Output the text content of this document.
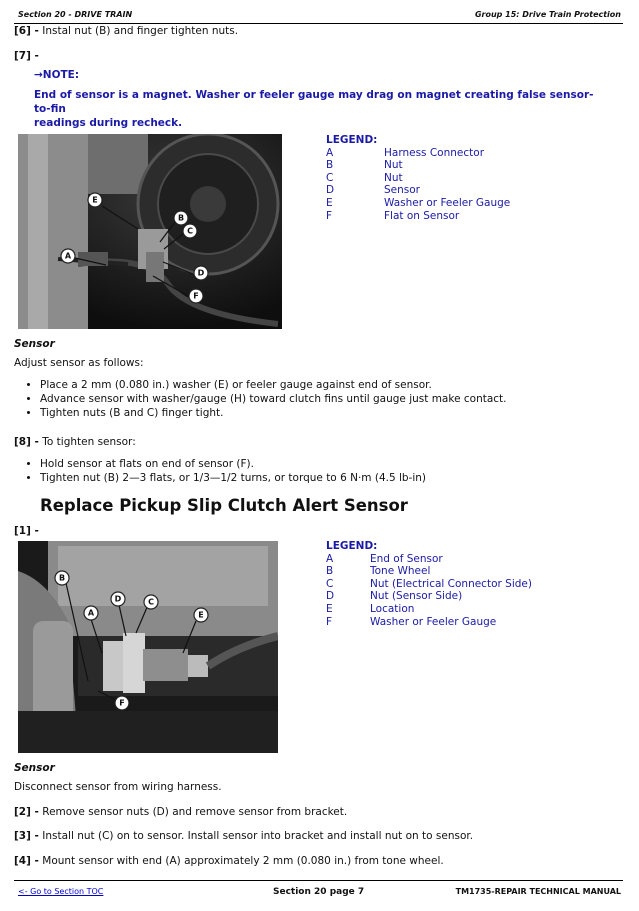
Section 20 - DRIVE TRAIN	Group 15: Drive Train Protection
[6] - Instal nut (B) and finger tighten nuts.
[7] -
→NOTE:
End of sensor is a magnet. Washer or feeler gauge may drag on magnet creating false sensor-to-fin
readings during recheck.
E
B
C
A
D
F
LEGEND:
A	Harness Connector
B	Nut
C	Nut
D	Sensor
E	Washer or Feeler Gauge
F	Flat on Sensor
Sensor
Adjust sensor as follows:
• Place a 2 mm (0.080 in.) washer (E) or feeler gauge against end of sensor.
• Advance sensor with washer/gauge (H) toward clutch fins until gauge just make contact.
• Tighten nuts (B and C) finger tight.
[8] - To tighten sensor:
• Hold sensor at flats on end of sensor (F).
• Tighten nut (B) 2—3 flats, or 1/3—1/2 turns, or torque to 6 N·m (4.5 lb-in)
Replace Pickup Slip Clutch Alert Sensor
[1] -
B
D	C
A	E
F
LEGEND:
A	End of Sensor
B	Tone Wheel
C	Nut (Electrical Connector Side)
D	Nut (Sensor Side)
E	Location
F	Washer or Feeler Gauge
Sensor
Disconnect sensor from wiring harness.
[2] - Remove sensor nuts (D) and remove sensor from bracket.
[3] - Install nut (C) on to sensor. Install sensor into bracket and install nut on to sensor.
[4] - Mount sensor with end (A) approximately 2 mm (0.080 in.) from tone wheel.
<- Go to Section TOC	Section 20 page 7	TM1735-REPAIR TECHNICAL MANUAL
